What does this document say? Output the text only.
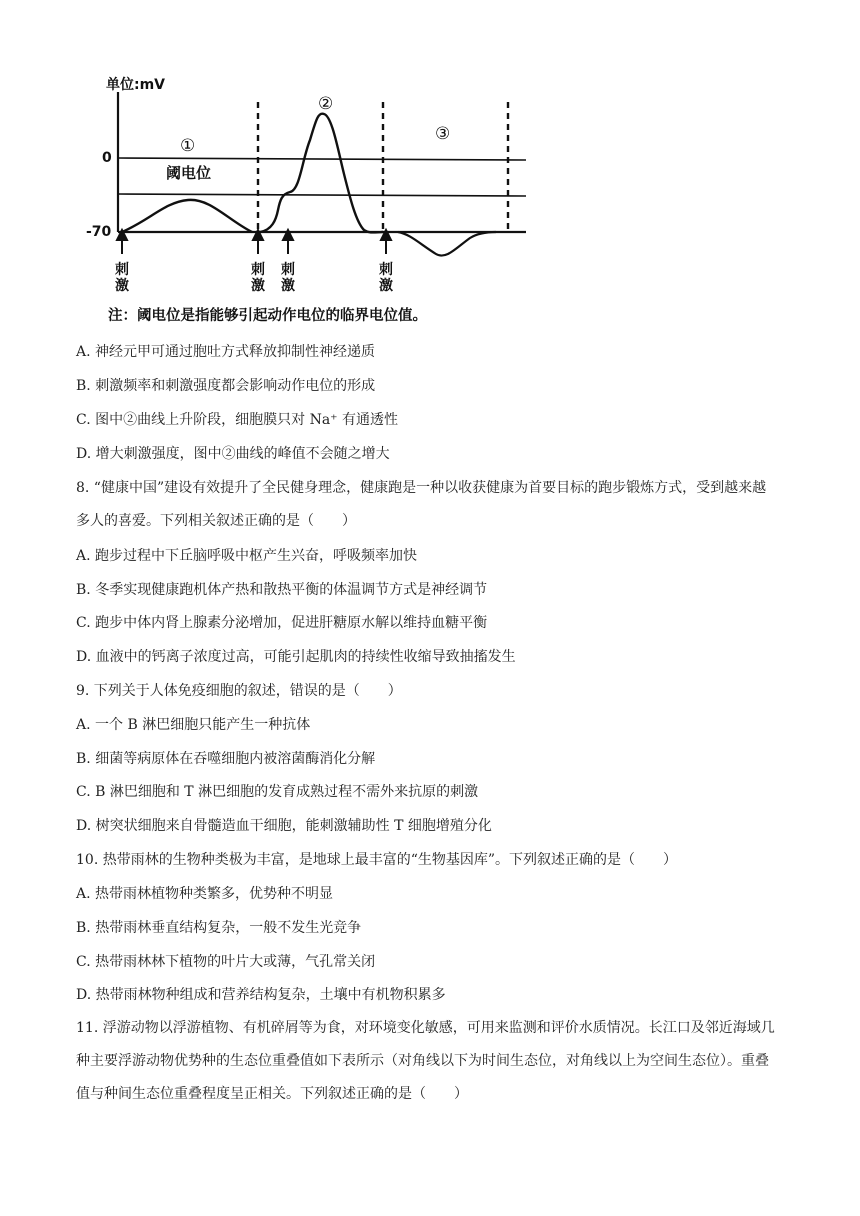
单位:mV
0
-70
阈电位
①
②
③
刺激
刺激
刺激
刺激
注：阈电位是指能够引起动作电位的临界电位值。
A. 神经元甲可通过胞吐方式释放抑制性神经递质
B. 刺激频率和刺激强度都会影响动作电位的形成
C. 图中②曲线上升阶段，细胞膜只对 Na⁺ 有通透性
D. 增大刺激强度，图中②曲线的峰值不会随之增大
8. “健康中国”建设有效提升了全民健身理念，健康跑是一种以收获健康为首要目标的跑步锻炼方式，受到越来越多人的喜爱。下列相关叙述正确的是（　　）
A. 跑步过程中下丘脑呼吸中枢产生兴奋，呼吸频率加快
B. 冬季实现健康跑机体产热和散热平衡的体温调节方式是神经调节
C. 跑步中体内肾上腺素分泌增加，促进肝糖原水解以维持血糖平衡
D. 血液中的钙离子浓度过高，可能引起肌肉的持续性收缩导致抽搐发生
9. 下列关于人体免疫细胞的叙述，错误的是（　　）
A. 一个 B 淋巴细胞只能产生一种抗体
B. 细菌等病原体在吞噬细胞内被溶菌酶消化分解
C. B 淋巴细胞和 T 淋巴细胞的发育成熟过程不需外来抗原的刺激
D. 树突状细胞来自骨髓造血干细胞，能刺激辅助性 T 细胞增殖分化
10. 热带雨林的生物种类极为丰富，是地球上最丰富的“生物基因库”。下列叙述正确的是（　　）
A. 热带雨林植物种类繁多，优势种不明显
B. 热带雨林垂直结构复杂，一般不发生光竞争
C. 热带雨林林下植物的叶片大或薄，气孔常关闭
D. 热带雨林物种组成和营养结构复杂，土壤中有机物积累多
11. 浮游动物以浮游植物、有机碎屑等为食，对环境变化敏感，可用来监测和评价水质情况。长江口及邻近海域几种主要浮游动物优势种的生态位重叠值如下表所示（对角线以下为时间生态位，对角线以上为空间生态位）。重叠值与种间生态位重叠程度呈正相关。下列叙述正确的是（　　）
